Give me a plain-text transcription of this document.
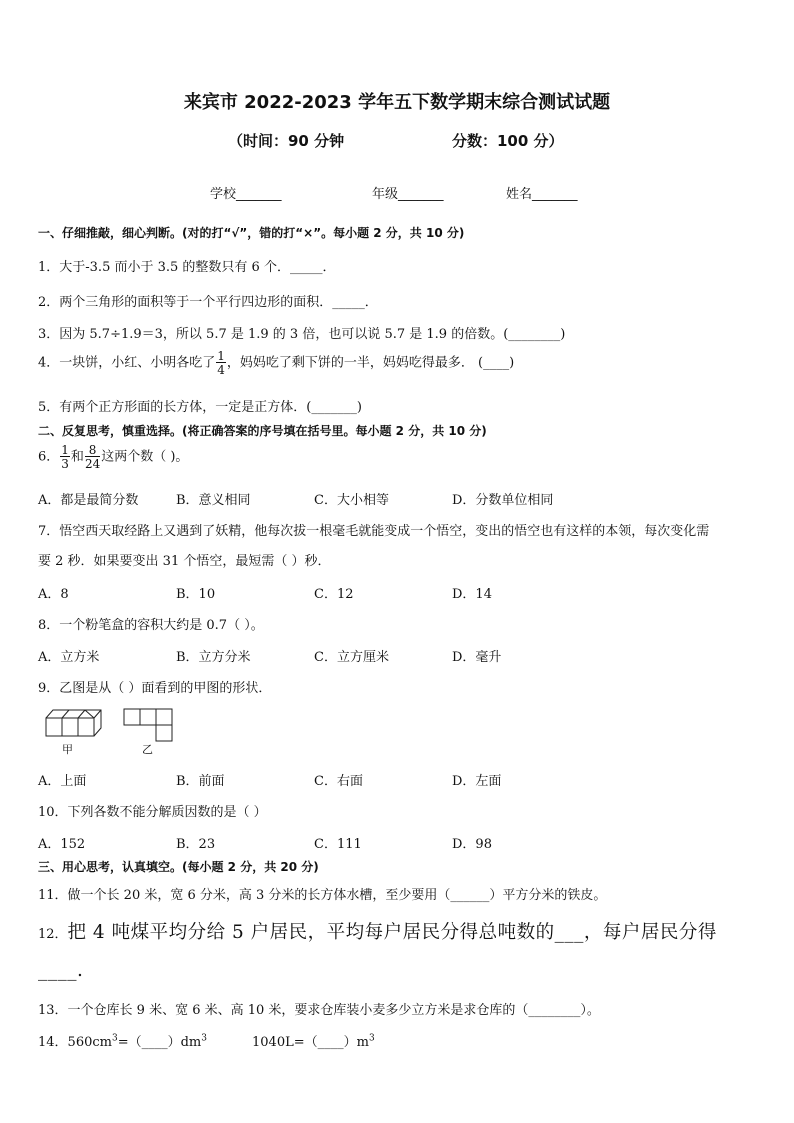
来宾市 2022-2023 学年五下数学期末综合测试试题
（时间：90 分钟	分数：100 分）
学校_______	年级_______	姓名_______
一、仔细推敲，细心判断。(对的打“√”，错的打“×”。每小题 2 分，共 10 分)
1．大于-3.5 而小于 3.5 的整数只有 6 个．_____．
2．两个三角形的面积等于一个平行四边形的面积．_____．
3．因为 5.7÷1.9＝3，所以 5.7 是 1.9 的 3 倍，也可以说 5.7 是 1.9 的倍数。(________)
4．一块饼，小红、小明各吃了 $\frac{1}{4}$ ，妈妈吃了剩下饼的一半，妈妈吃得最多． (____)
5．有两个正方形面的长方体，一定是正方体．(_______)
二、反复思考，慎重选择。(将正确答案的序号填在括号里。每小题 2 分，共 10 分)
6． $\frac{1}{3}$ 和 $\frac{8}{24}$ 这两个数（ )。
A．都是最简分数	B．意义相同	C．大小相等	D．分数单位相同
7．悟空西天取经路上又遇到了妖精，他每次拔一根毫毛就能变成一个悟空，变出的悟空也有这样的本领，每次变化需
要 2 秒．如果要变出 31 个悟空，最短需（ ）秒．
A．8	B．10	C．12	D．14
8．一个粉笔盒的容积大约是 0.7（ ）。
A．立方米	B．立方分米	C．立方厘米	D．毫升
9．乙图是从（ ）面看到的甲图的形状．
甲	乙
A．上面	B．前面	C．右面	D．左面
10．下列各数不能分解质因数的是（ ）
A．152	B．23	C．111	D．98
三、用心思考，认真填空。(每小题 2 分，共 20 分)
11．做一个长 20 米，宽 6 分米，高 3 分米的长方体水槽，至少要用（______）平方分米的铁皮。
12．把 4 吨煤平均分给 5 户居民，平均每户居民分得总吨数的___，每户居民分得
____.
13．一个仓库长 9 米、宽 6 米、高 10 米，要求仓库装小麦多少立方米是求仓库的（________）。
14．$560cm^3=(\_\_\_\_)dm^3$	$1040L=(\_\_\_\_)m^3$
